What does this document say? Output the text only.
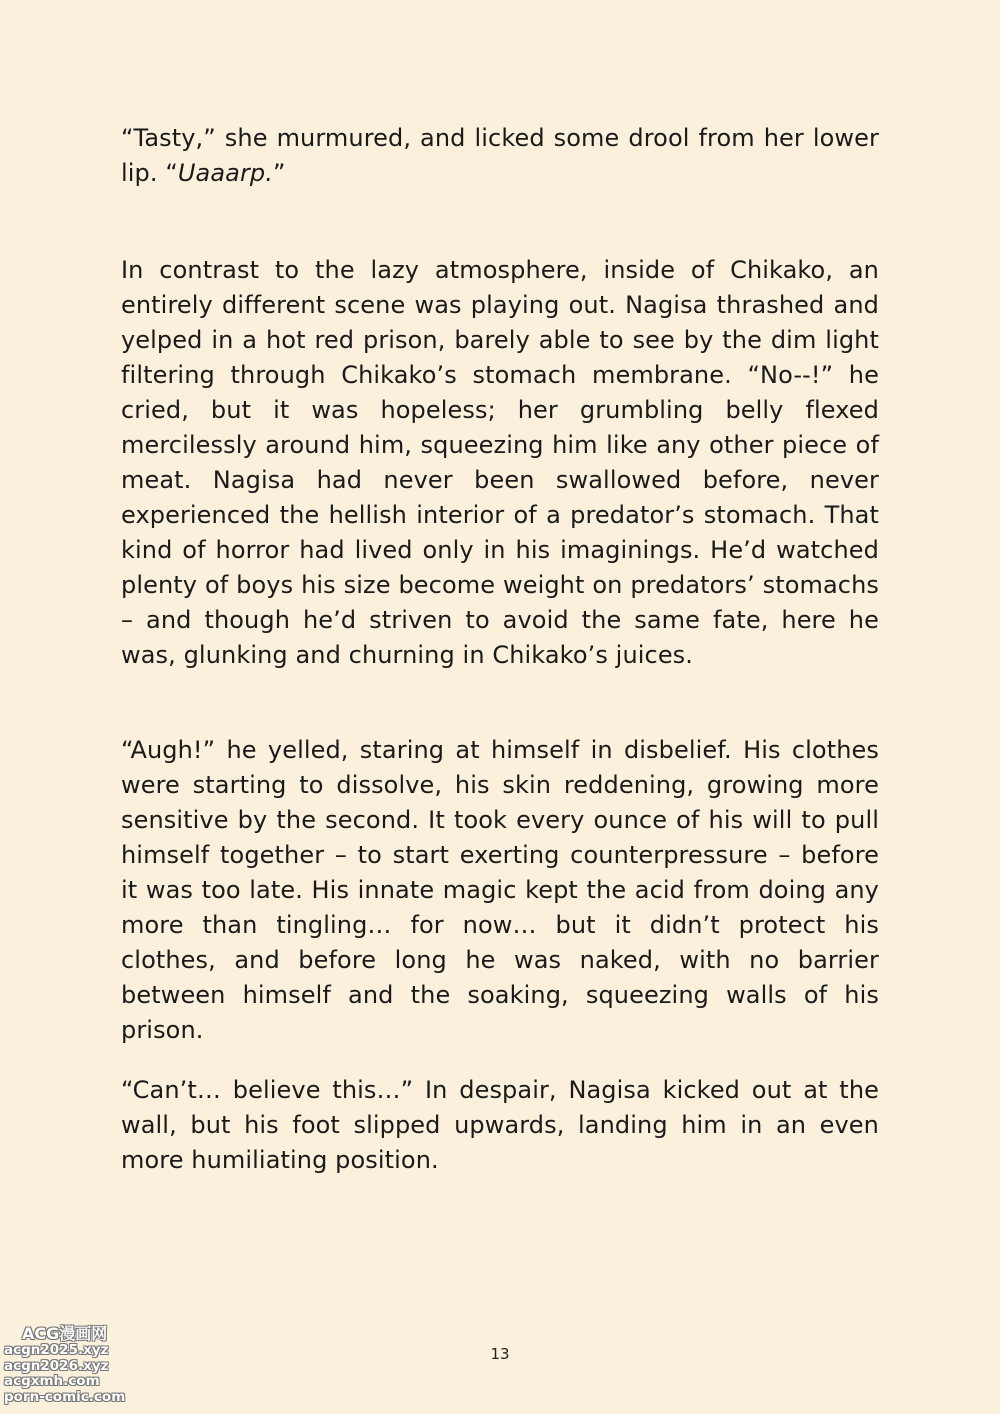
“Tasty,” she murmured, and licked some drool from her lower lip. “Uaaarp.”

In contrast to the lazy atmosphere, inside of Chikako, an entirely different scene was playing out. Nagisa thrashed and yelped in a hot red prison, barely able to see by the dim light filtering through Chikako’s stomach membrane. “No--!” he cried, but it was hopeless; her grumbling belly flexed mercilessly around him, squeezing him like any other piece of meat. Nagisa had never been swallowed before, never experienced the hellish interior of a predator’s stomach. That kind of horror had lived only in his imaginings. He’d watched plenty of boys his size become weight on predators’ stomachs – and though he’d striven to avoid the same fate, here he was, glunking and churning in Chikako’s juices.

“Augh!” he yelled, staring at himself in disbelief. His clothes were starting to dissolve, his skin reddening, growing more sensitive by the second. It took every ounce of his will to pull himself together – to start exerting counterpressure – before it was too late. His innate magic kept the acid from doing any more than tingling… for now… but it didn’t protect his clothes, and before long he was naked, with no barrier between himself and the soaking, squeezing walls of his prison.

“Can’t… believe this…” In despair, Nagisa kicked out at the wall, but his foot slipped upwards, landing him in an even more humiliating position.

13
ACG漫画网
acgn2025.xyz
acgn2026.xyz
acgxmh.com
porn-comic.com
